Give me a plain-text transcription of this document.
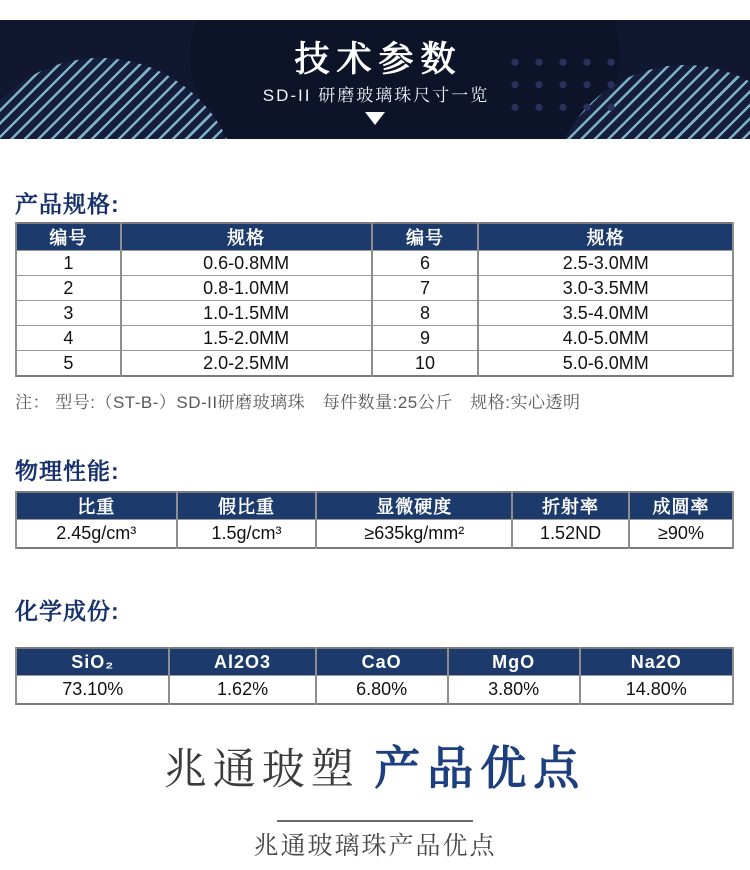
技术参数
SD-II 研磨玻璃珠尺寸一览
产品规格:
编号	规格	编号	规格
1	0.6-0.8MM	6	2.5-3.0MM
2	0.8-1.0MM	7	3.0-3.5MM
3	1.0-1.5MM	8	3.5-4.0MM
4	1.5-2.0MM	9	4.0-5.0MM
5	2.0-2.5MM	10	5.0-6.0MM

注： 型号:（ST-B-）SD-II研磨玻璃珠　每件数量:25公斤　规格:实心透明

物理性能:
比重	假比重	显微硬度	折射率	成圆率
2.45g/cm³	1.5g/cm³	≥635kg/mm²	1.52ND	≥90%
化学成份:
SiO₂	Al2O3	CaO	MgO	Na2O
73.10%	1.62%	6.80%	3.80%	14.80%
兆通玻塑 产品优点
兆通玻璃珠产品优点
